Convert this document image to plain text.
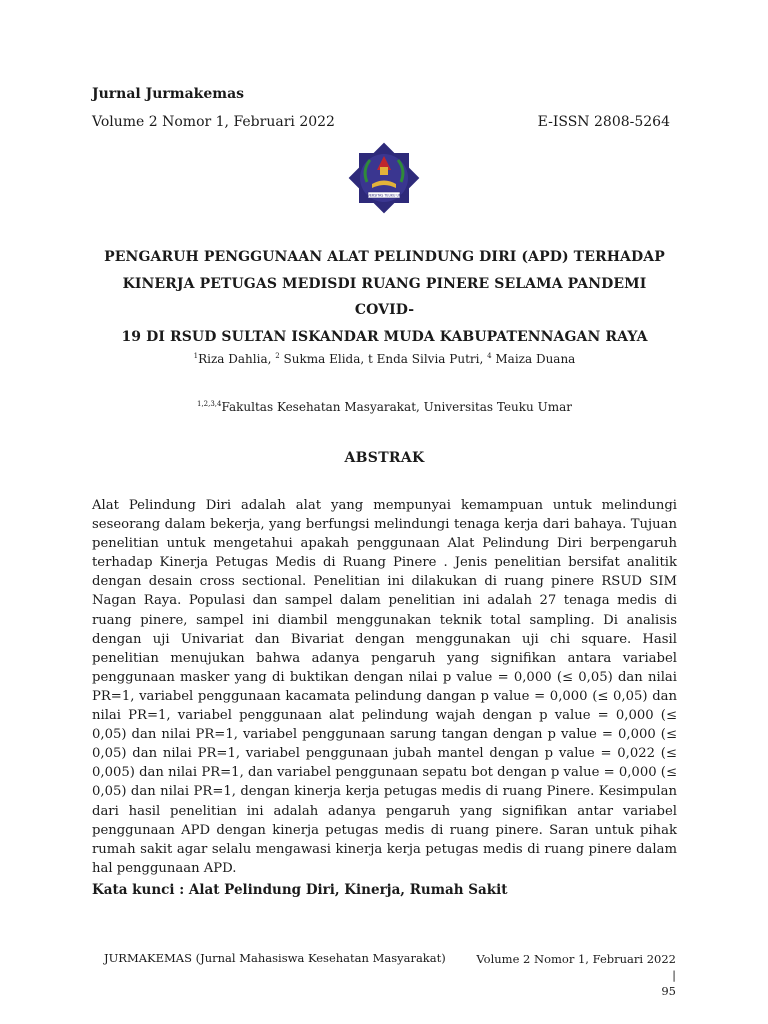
Jurnal Jurmakemas
Volume 2 Nomor 1, Februari 2022	E-ISSN 2808-5264
UNIVERSITAS TEUKU UMAR
PENGARUH PENGGUNAAN ALAT PELINDUNG DIRI (APD) TERHADAP
KINERJA PETUGAS MEDISDI RUANG PINERE SELAMA PANDEMI COVID-
19 DI RSUD SULTAN ISKANDAR MUDA KABUPATENNAGAN RAYA
$^1$Riza Dahlia, $^2$ Sukma Elida, t Enda Silvia Putri, $^4$ Maiza Duana
$^{1,2,3,4}$Fakultas Kesehatan Masyarakat, Universitas Teuku Umar
ABSTRAK
Alat Pelindung Diri adalah alat yang mempunyai kemampuan untuk melindungi seseorang dalam bekerja, yang berfungsi melindungi tenaga kerja dari bahaya. Tujuan penelitian untuk mengetahui apakah penggunaan Alat Pelindung Diri berpengaruh terhadap Kinerja Petugas Medis di Ruang Pinere . Jenis penelitian bersifat analitik dengan desain cross sectional. Penelitian ini dilakukan di ruang pinere RSUD SIM Nagan Raya. Populasi dan sampel dalam penelitian ini adalah 27 tenaga medis di ruang pinere, sampel ini diambil menggunakan teknik total sampling. Di analisis dengan uji Univariat dan Bivariat dengan menggunakan uji chi square. Hasil penelitian menujukan bahwa adanya pengaruh yang signifikan antara variabel penggunaan masker yang di buktikan dengan nilai p value = 0,000 (≤ 0,05) dan nilai PR=1, variabel penggunaan kacamata pelindung dangan p value = 0,000 (≤ 0,05) dan nilai PR=1, variabel penggunaan alat pelindung wajah dengan p value = 0,000 (≤ 0,05) dan nilai PR=1, variabel penggunaan sarung tangan dengan p value = 0,000 (≤ 0,05) dan nilai PR=1, variabel penggunaan jubah mantel dengan p value = 0,022 (≤ 0,005) dan nilai PR=1, dan variabel penggunaan sepatu bot dengan p value = 0,000 (≤ 0,05) dan nilai PR=1, dengan kinerja kerja petugas medis di ruang Pinere. Kesimpulan dari hasil penelitian ini adalah adanya pengaruh yang signifikan antar variabel penggunaan APD dengan kinerja petugas medis di ruang pinere. Saran untuk pihak rumah sakit agar selalu mengawasi kinerja kerja petugas medis di ruang pinere dalam hal penggunaan APD.
Kata kunci : Alat Pelindung Diri, Kinerja, Rumah Sakit
JURMAKEMAS (Jurnal Mahasiswa Kesehatan Masyarakat)	Volume 2 Nomor 1, Februari 2022 |
95
